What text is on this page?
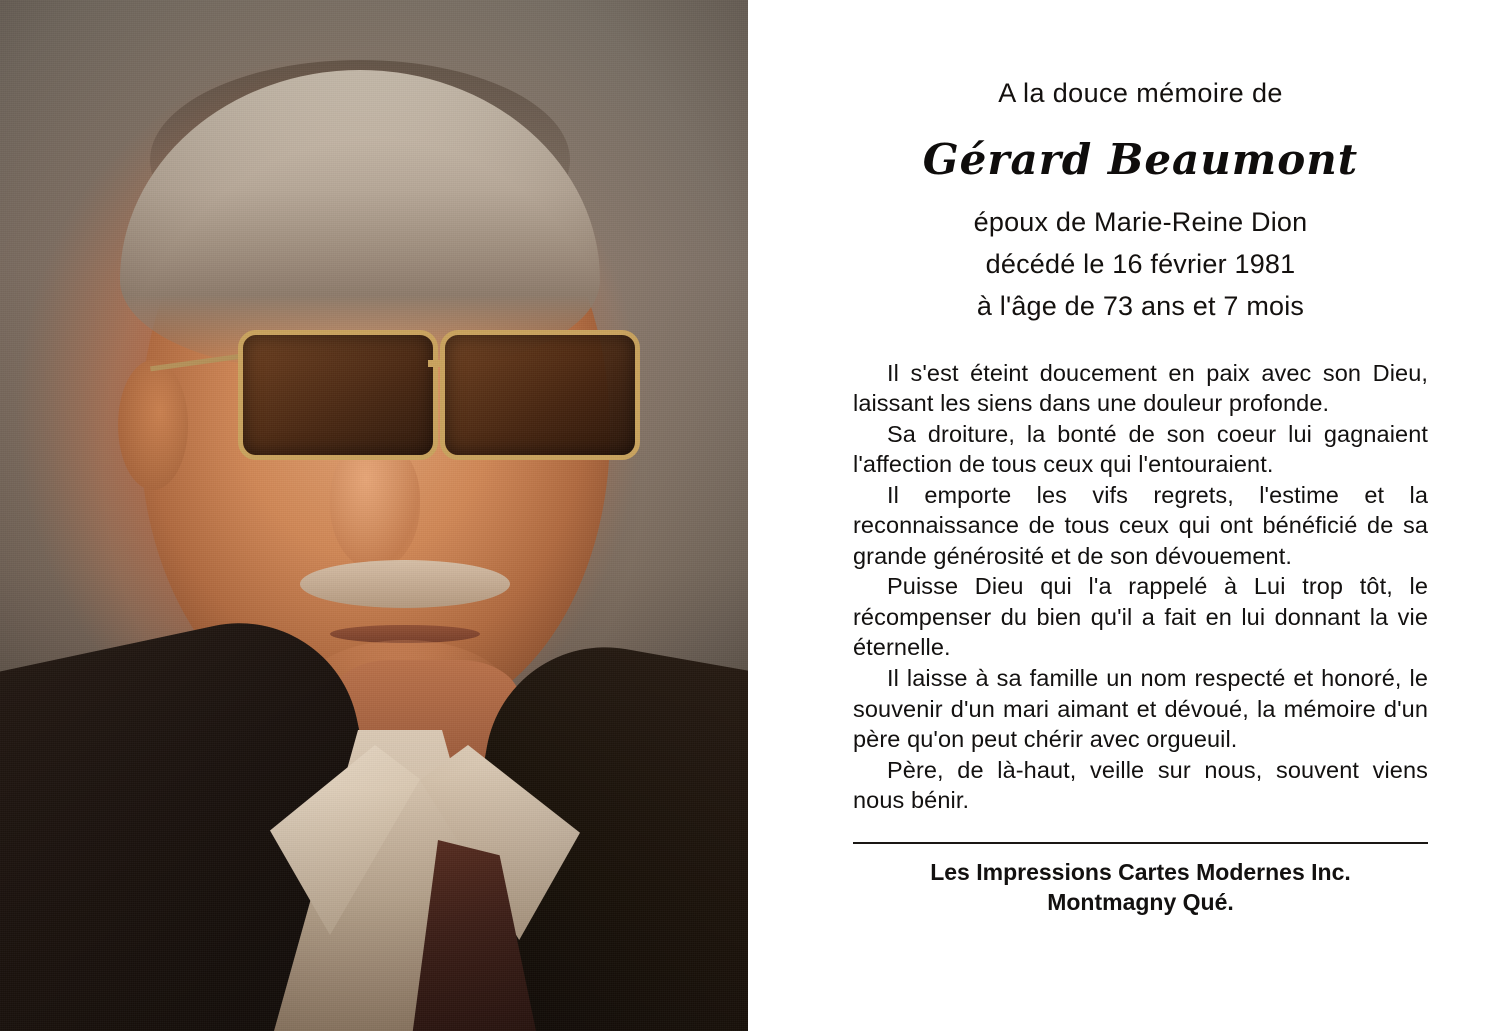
A la douce mémoire de
Gérard Beaumont
époux de Marie-Reine Dion
décédé le 16 février 1981
à l'âge de 73 ans et 7 mois

Il s'est éteint doucement en paix avec son Dieu, laissant les siens dans une douleur profonde.

Sa droiture, la bonté de son coeur lui gagnaient l'affection de tous ceux qui l'entouraient.

Il emporte les vifs regrets, l'estime et la reconnaissance de tous ceux qui ont bénéficié de sa grande générosité et de son dévouement.

Puisse Dieu qui l'a rappelé à Lui trop tôt, le récompenser du bien qu'il a fait en lui donnant la vie éternelle.

Il laisse à sa famille un nom respecté et honoré, le souvenir d'un mari aimant et dévoué, la mémoire d'un père qu'on peut chérir avec orgueuil.

Père, de là-haut, veille sur nous, souvent viens nous bénir.

Les Impressions Cartes Modernes Inc.
Montmagny Qué.
